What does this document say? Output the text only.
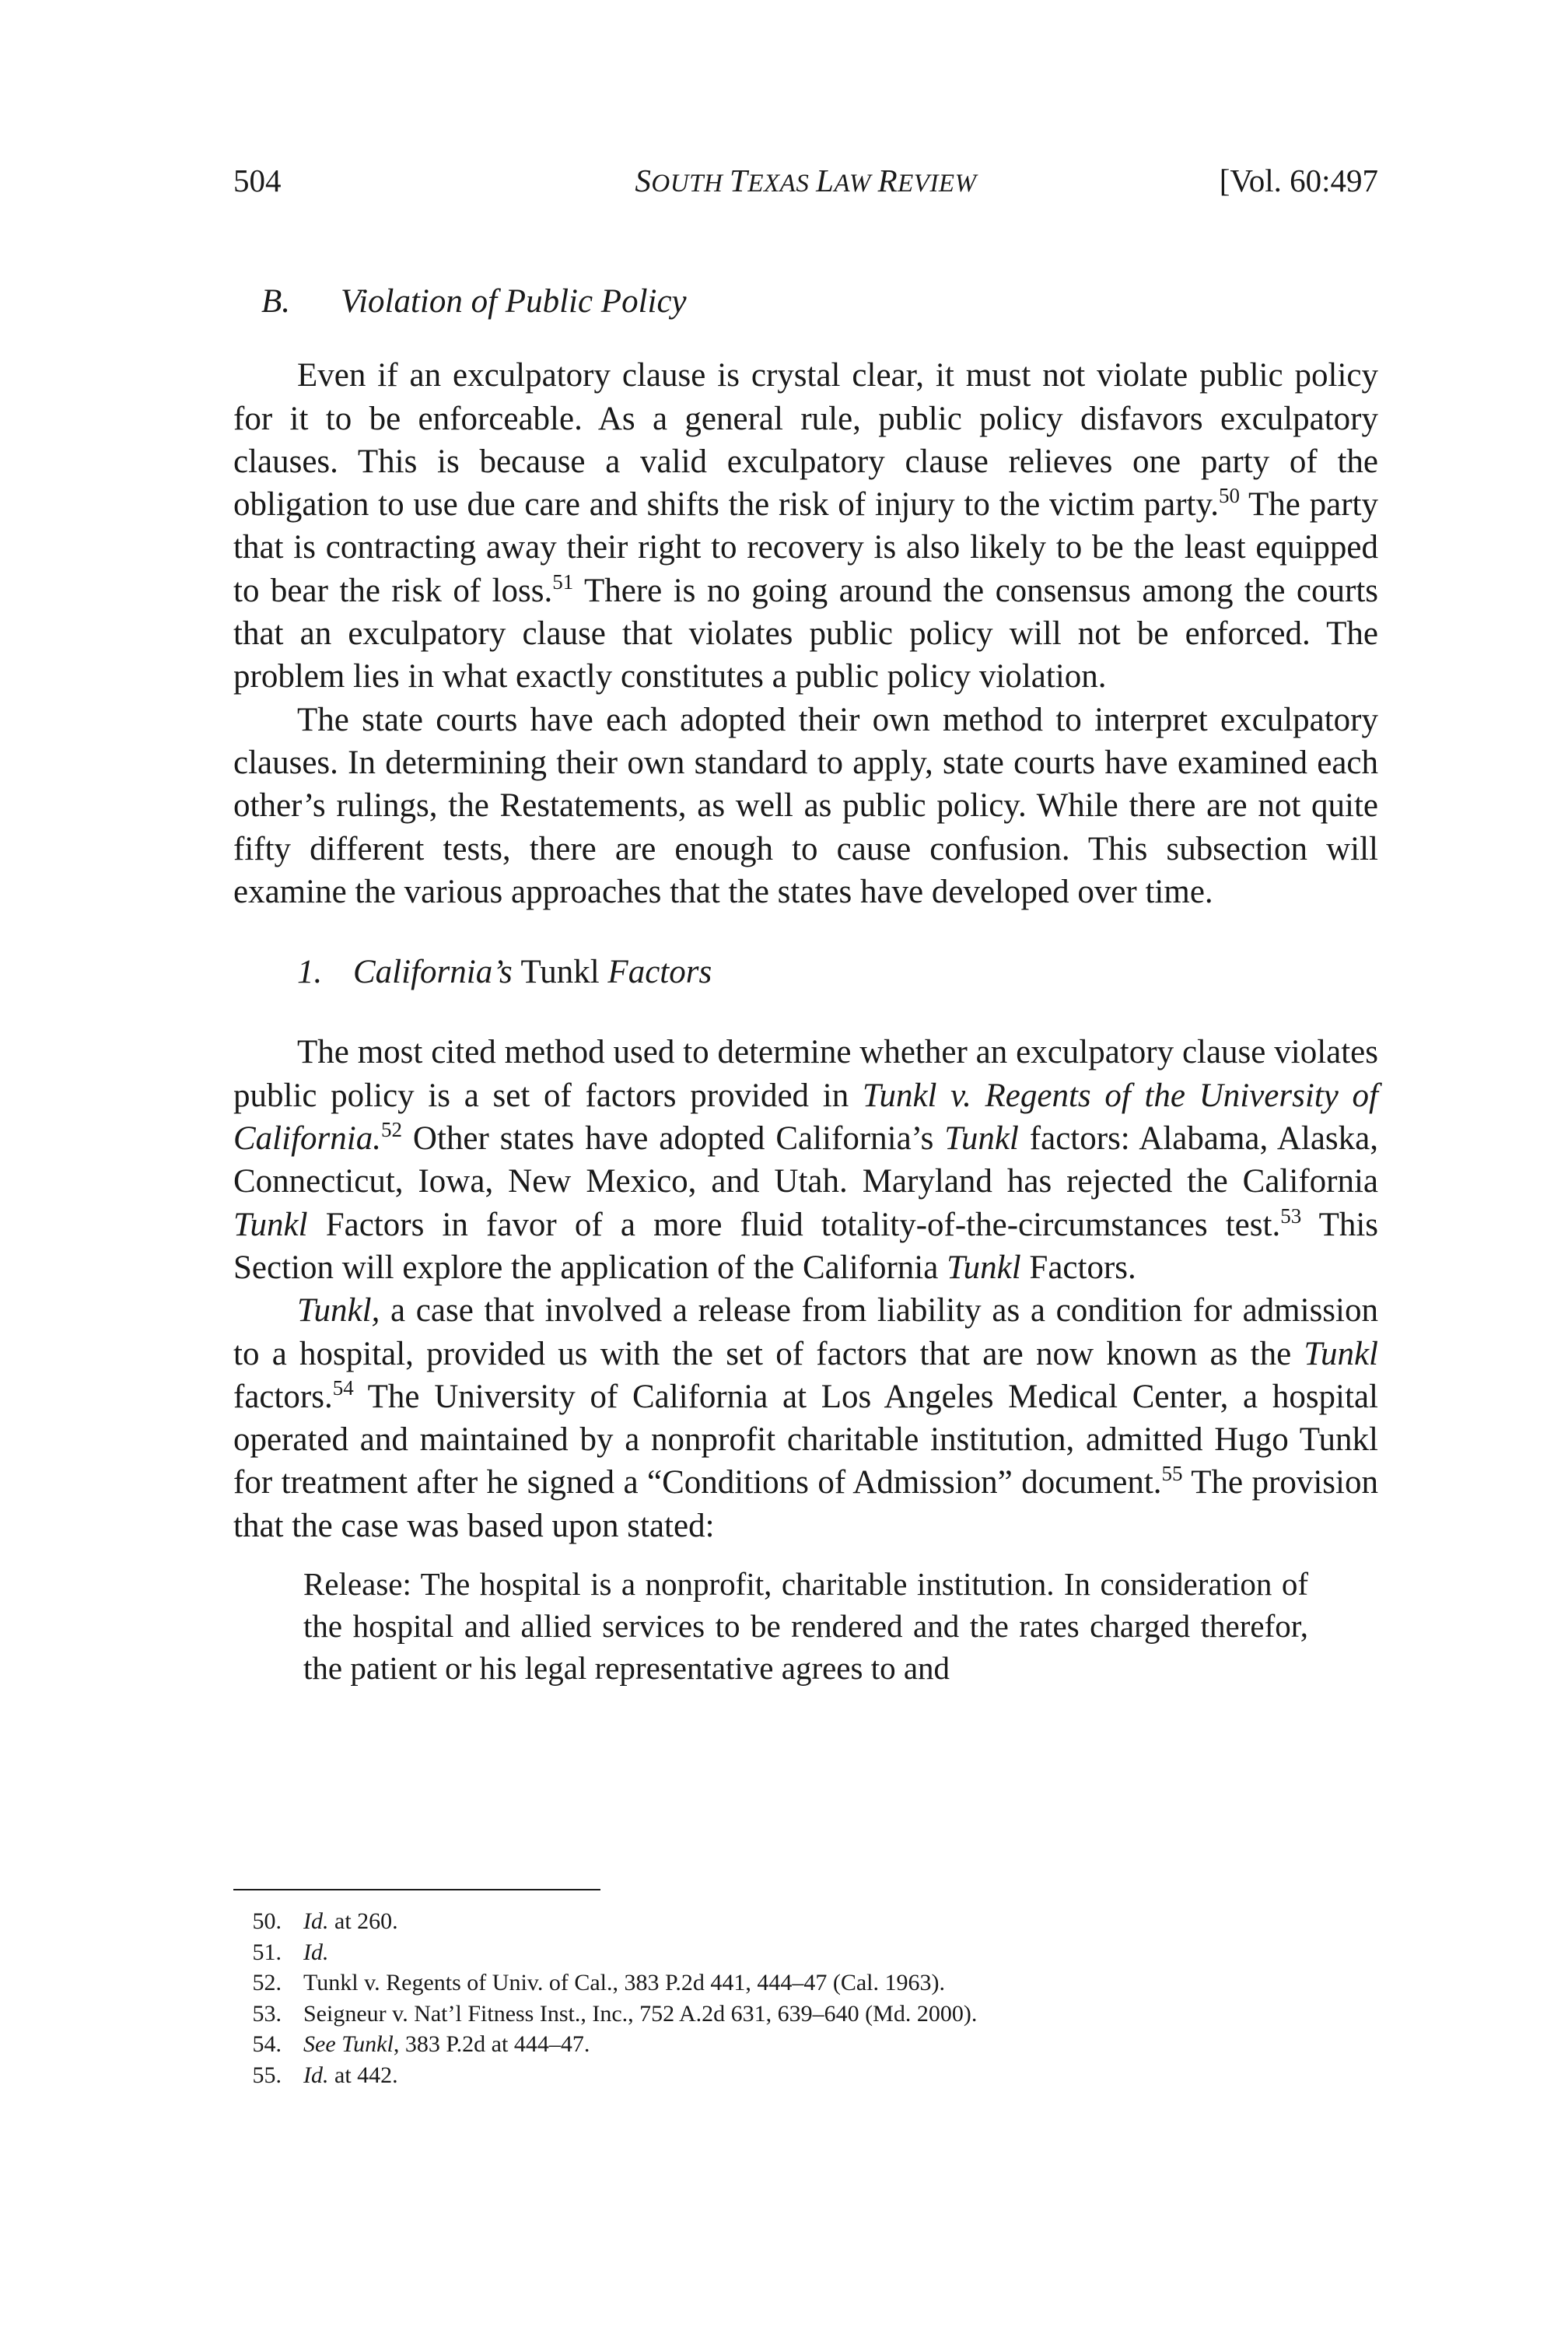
504	SOUTH TEXAS LAW REVIEW	[Vol. 60:497
B. Violation of Public Policy

Even if an exculpatory clause is crystal clear, it must not violate public policy for it to be enforceable. As a general rule, public policy disfavors exculpatory clauses. This is because a valid exculpatory clause relieves one party of the obligation to use due care and shifts the risk of injury to the victim party.$^{50}$ The party that is contracting away their right to recovery is also likely to be the least equipped to bear the risk of loss.$^{51}$ There is no going around the consensus among the courts that an exculpatory clause that violates public policy will not be enforced. The problem lies in what exactly constitutes a public policy violation.

The state courts have each adopted their own method to interpret exculpatory clauses. In determining their own standard to apply, state courts have examined each other’s rulings, the Restatements, as well as public policy. While there are not quite fifty different tests, there are enough to cause confusion. This subsection will examine the various approaches that the states have developed over time.

1. California’s Tunkl Factors

The most cited method used to determine whether an exculpatory clause violates public policy is a set of factors provided in Tunkl v. Regents of the University of California.$^{52}$ Other states have adopted California’s Tunkl factors: Alabama, Alaska, Connecticut, Iowa, New Mexico, and Utah. Maryland has rejected the California Tunkl Factors in favor of a more fluid totality-of-the-circumstances test.$^{53}$ This Section will explore the application of the California Tunkl Factors.

Tunkl, a case that involved a release from liability as a condition for admission to a hospital, provided us with the set of factors that are now known as the Tunkl factors.$^{54}$ The University of California at Los Angeles Medical Center, a hospital operated and maintained by a nonprofit charitable institution, admitted Hugo Tunkl for treatment after he signed a “Conditions of Admission” document.$^{55}$ The provision that the case was based upon stated:

Release: The hospital is a nonprofit, charitable institution. In consideration of the hospital and allied services to be rendered and the rates charged therefor, the patient or his legal representative agrees to and
50. Id. at 260.
51. Id.
52. Tunkl v. Regents of Univ. of Cal., 383 P.2d 441, 444–47 (Cal. 1963).
53. Seigneur v. Nat’l Fitness Inst., Inc., 752 A.2d 631, 639–640 (Md. 2000).
54. See Tunkl, 383 P.2d at 444–47.
55. Id. at 442.
